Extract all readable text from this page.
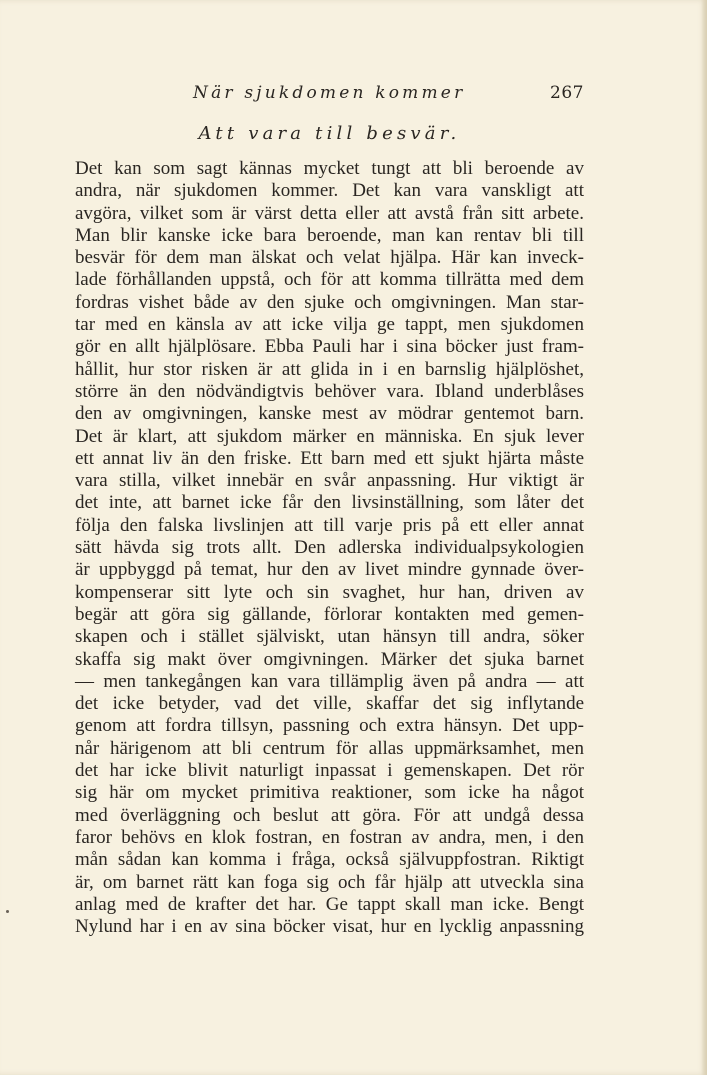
När sjukdomen kommer	267
Att vara till besvär.
Det kan som sagt kännas mycket tungt att bli beroende av
andra, när sjukdomen kommer. Det kan vara vanskligt att
avgöra, vilket som är värst detta eller att avstå från sitt arbete.
Man blir kanske icke bara beroende, man kan rentav bli till
besvär för dem man älskat och velat hjälpa. Här kan inveck-
lade förhållanden uppstå, och för att komma tillrätta med dem
fordras vishet både av den sjuke och omgivningen. Man star-
tar med en känsla av att icke vilja ge tappt, men sjukdomen
gör en allt hjälplösare. Ebba Pauli har i sina böcker just fram-
hållit, hur stor risken är att glida in i en barnslig hjälplöshet,
större än den nödvändigtvis behöver vara. Ibland underblåses
den av omgivningen, kanske mest av mödrar gentemot barn.
Det är klart, att sjukdom märker en människa. En sjuk lever
ett annat liv än den friske. Ett barn med ett sjukt hjärta måste
vara stilla, vilket innebär en svår anpassning. Hur viktigt är
det inte, att barnet icke får den livsinställning, som låter det
följa den falska livslinjen att till varje pris på ett eller annat
sätt hävda sig trots allt. Den adlerska individualpsykologien
är uppbyggd på temat, hur den av livet mindre gynnade över-
kompenserar sitt lyte och sin svaghet, hur han, driven av
begär att göra sig gällande, förlorar kontakten med gemen-
skapen och i stället själviskt, utan hänsyn till andra, söker
skaffa sig makt över omgivningen. Märker det sjuka barnet
— men tankegången kan vara tillämplig även på andra — att
det icke betyder, vad det ville, skaffar det sig inflytande
genom att fordra tillsyn, passning och extra hänsyn. Det upp-
når härigenom att bli centrum för allas uppmärksamhet, men
det har icke blivit naturligt inpassat i gemenskapen. Det rör
sig här om mycket primitiva reaktioner, som icke ha något
med överläggning och beslut att göra. För att undgå dessa
faror behövs en klok fostran, en fostran av andra, men, i den
mån sådan kan komma i fråga, också självuppfostran. Riktigt
är, om barnet rätt kan foga sig och får hjälp att utveckla sina
anlag med de krafter det har. Ge tappt skall man icke. Bengt
Nylund har i en av sina böcker visat, hur en lycklig anpassning
